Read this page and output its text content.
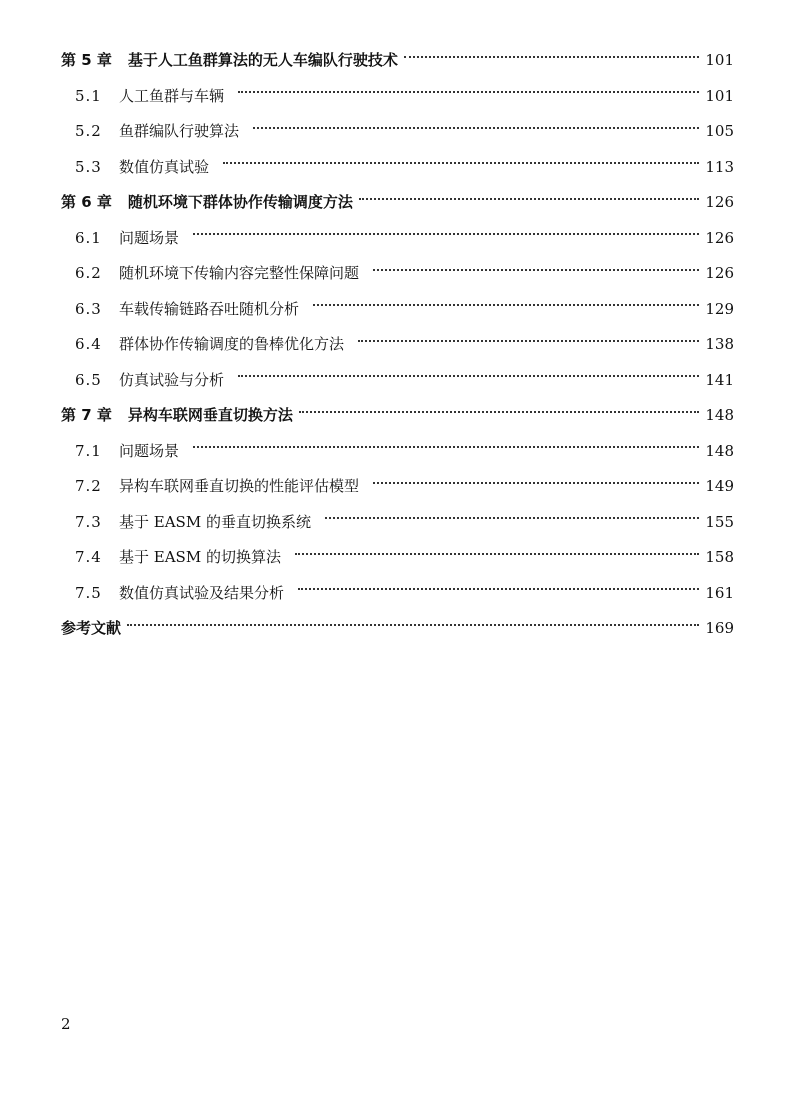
第 5 章 基于人工鱼群算法的无人车编队行驶技术	101
5.1	人工鱼群与车辆	101
5.2	鱼群编队行驶算法	105
5.3	数值仿真试验	113
第 6 章 随机环境下群体协作传输调度方法	126
6.1	问题场景	126
6.2	随机环境下传输内容完整性保障问题	126
6.3	车载传输链路吞吐随机分析	129
6.4	群体协作传输调度的鲁棒优化方法	138
6.5	仿真试验与分析	141
第 7 章 异构车联网垂直切换方法	148
7.1	问题场景	148
7.2	异构车联网垂直切换的性能评估模型	149
7.3	基于 EASM 的垂直切换系统	155
7.4	基于 EASM 的切换算法	158
7.5	数值仿真试验及结果分析	161
参考文献	169
2
